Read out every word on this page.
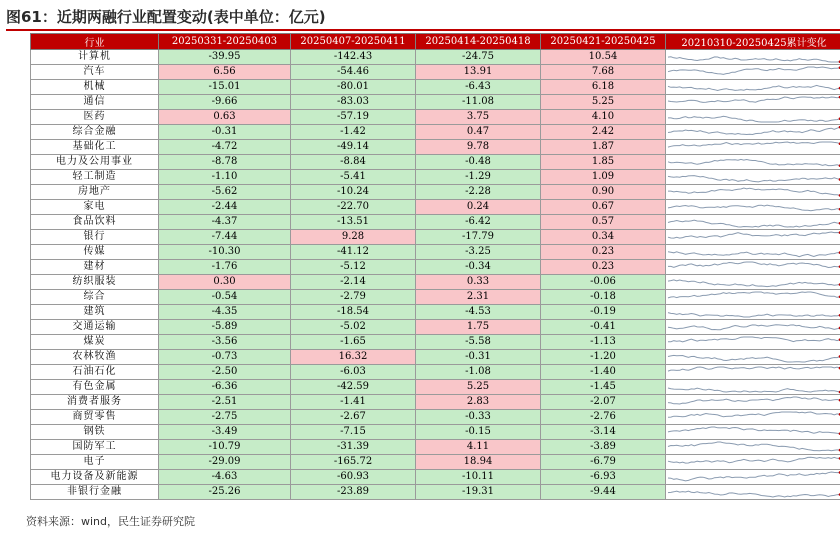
图61：近期两融行业配置变动(表中单位：亿元)
行业	20250331-20250403	20250407-20250411	20250414-20250418	20250421-20250425	20210310-20250425累计变化
计算机	-39.95	-142.43	-24.75	10.54	

汽车	6.56	-54.46	13.91	7.68	

机械	-15.01	-80.01	-6.43	6.18	

通信	-9.66	-83.03	-11.08	5.25	

医药	0.63	-57.19	3.75	4.10	

综合金融	-0.31	-1.42	0.47	2.42	

基础化工	-4.72	-49.14	9.78	1.87	

电力及公用事业	-8.78	-8.84	-0.48	1.85	

轻工制造	-1.10	-5.41	-1.29	1.09	

房地产	-5.62	-10.24	-2.28	0.90	

家电	-2.44	-22.70	0.24	0.67	

食品饮料	-4.37	-13.51	-6.42	0.57	

银行	-7.44	9.28	-17.79	0.34	

传媒	-10.30	-41.12	-3.25	0.23	

建材	-1.76	-5.12	-0.34	0.23	

纺织服装	0.30	-2.14	0.33	-0.06	

综合	-0.54	-2.79	2.31	-0.18	

建筑	-4.35	-18.54	-4.53	-0.19	

交通运输	-5.89	-5.02	1.75	-0.41	

煤炭	-3.56	-1.65	-5.58	-1.13	

农林牧渔	-0.73	16.32	-0.31	-1.20	

石油石化	-2.50	-6.03	-1.08	-1.40	

有色金属	-6.36	-42.59	5.25	-1.45	

消费者服务	-2.51	-1.41	2.83	-2.07	

商贸零售	-2.75	-2.67	-0.33	-2.76	

钢铁	-3.49	-7.15	-0.15	-3.14	

国防军工	-10.79	-31.39	4.11	-3.89	

电子	-29.09	-165.72	18.94	-6.79	

电力设备及新能源	-4.63	-60.93	-10.11	-6.93	

非银行金融	-25.26	-23.89	-19.31	-9.44	
资料来源：wind，民生证券研究院
